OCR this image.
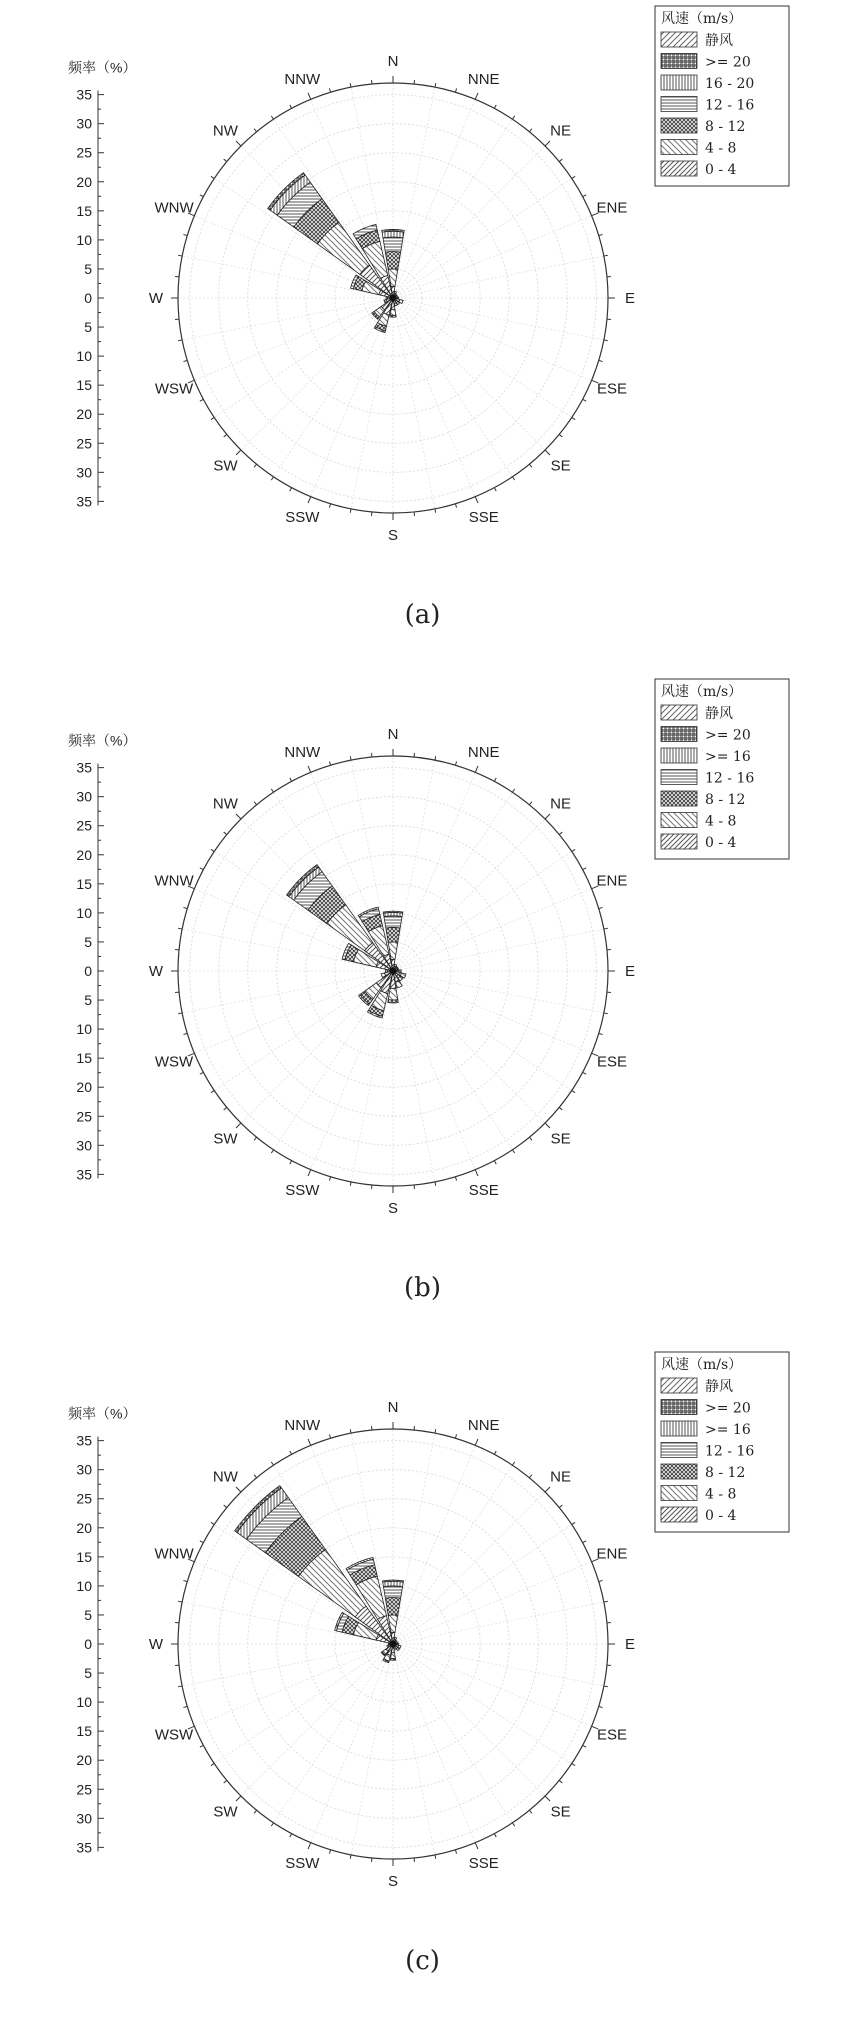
N
NNE
NE
ENE
E
ESE
SE
SSE
S
SSW
SW
WSW
W
WNW
NW
NNW
频率（%）
35
30
25
20
15
10
5
0
5
10
15
20
25
30
35
风速（m/s）
静风
>= 20
16 - 20
12 - 16
8 - 12
4 - 8
0 - 4
(a)
N
NNE
NE
ENE
E
ESE
SE
SSE
S
SSW
SW
WSW
W
WNW
NW
NNW
频率（%）
35
30
25
20
15
10
5
0
5
10
15
20
25
30
35
风速（m/s）
静风
>= 20
>= 16
12 - 16
8 - 12
4 - 8
0 - 4
(b)
N
NNE
NE
ENE
E
ESE
SE
SSE
S
SSW
SW
WSW
W
WNW
NW
NNW
频率（%）
35
30
25
20
15
10
5
0
5
10
15
20
25
30
35
风速（m/s）
静风
>= 20
>= 16
12 - 16
8 - 12
4 - 8
0 - 4
(c)
